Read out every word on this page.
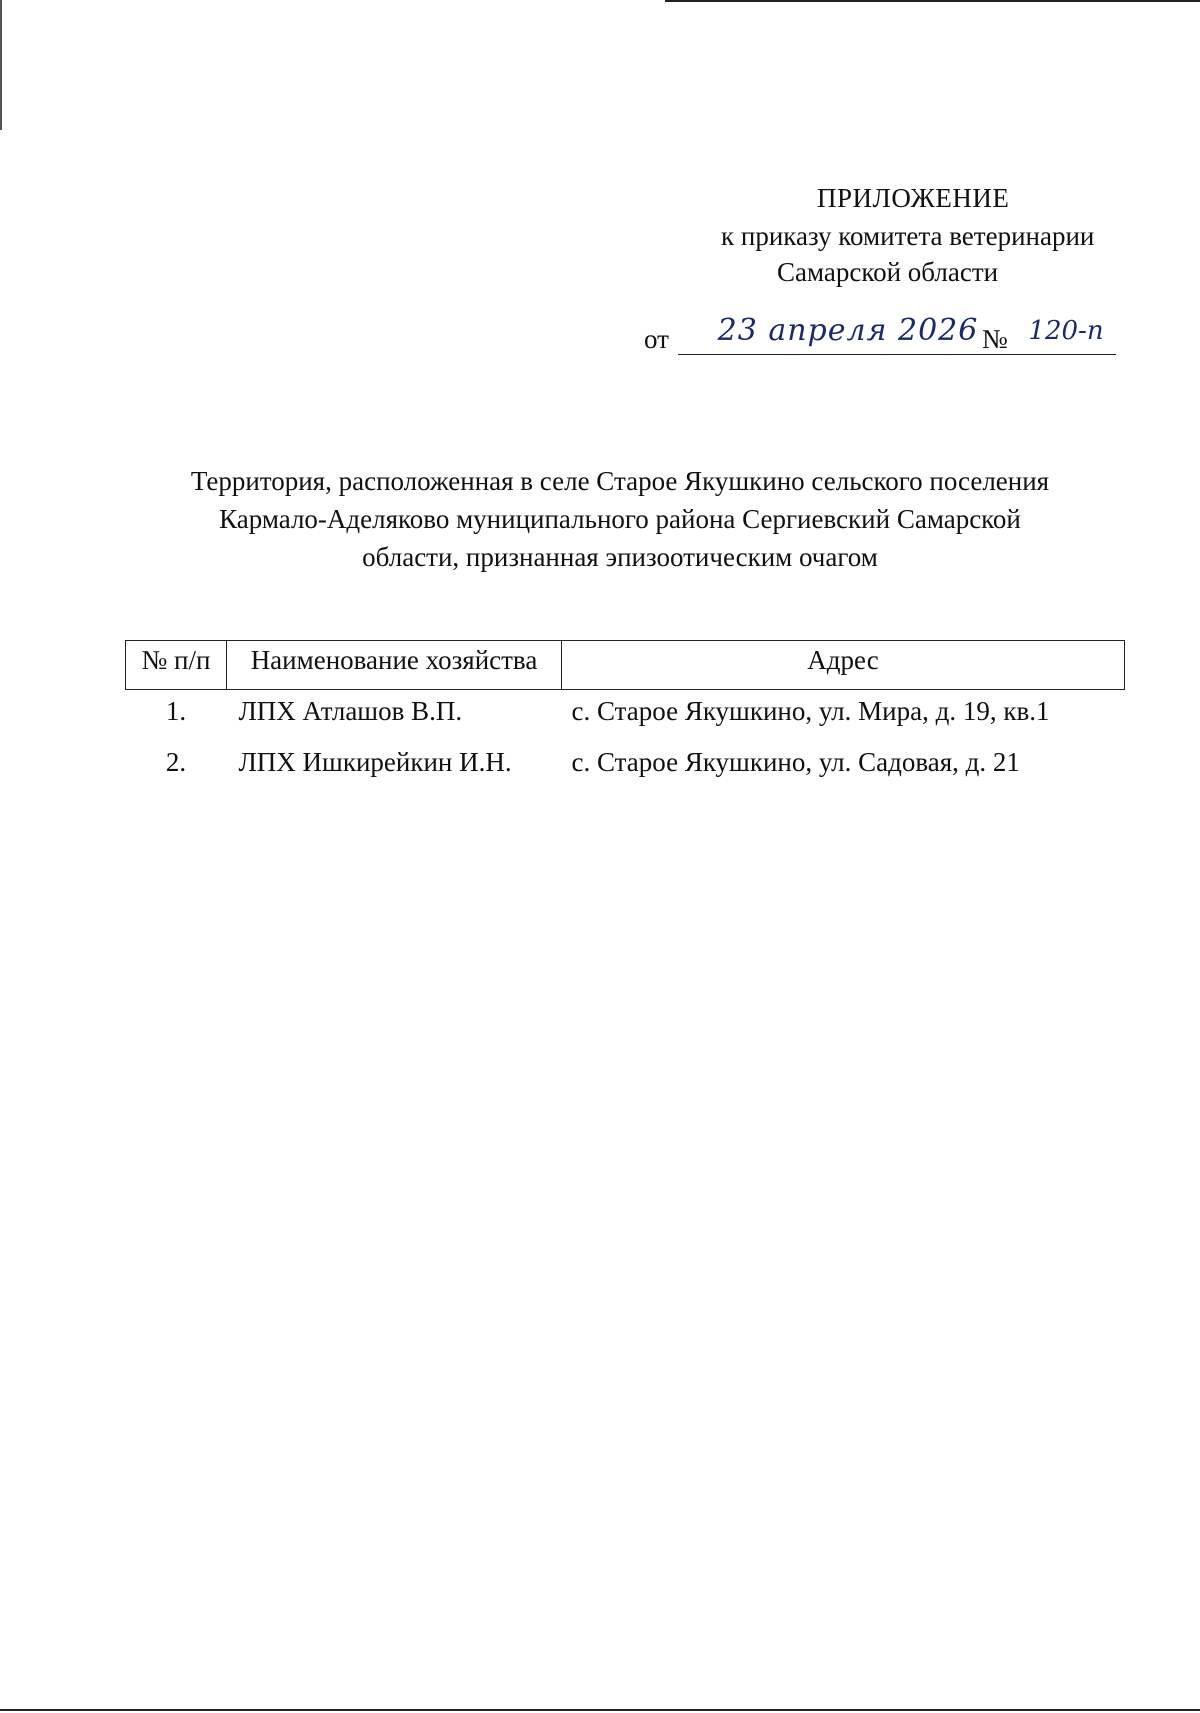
ПРИЛОЖЕНИЕ
к приказу комитета ветеринарии
Самарской области
от	23 апреля 2026 № 120-п
Территория, расположенная в селе Старое Якушкино сельского поселения
Кармало-Аделяково муниципального района Сергиевский Самарской
области, признанная эпизоотическим очагом
№ п/п	Наименование хозяйства	Адрес
1.	ЛПХ Атлашов В.П.	с. Старое Якушкино, ул. Мира, д. 19, кв.1
2.	ЛПХ Ишкирейкин И.Н.	с. Старое Якушкино, ул. Садовая, д. 21
